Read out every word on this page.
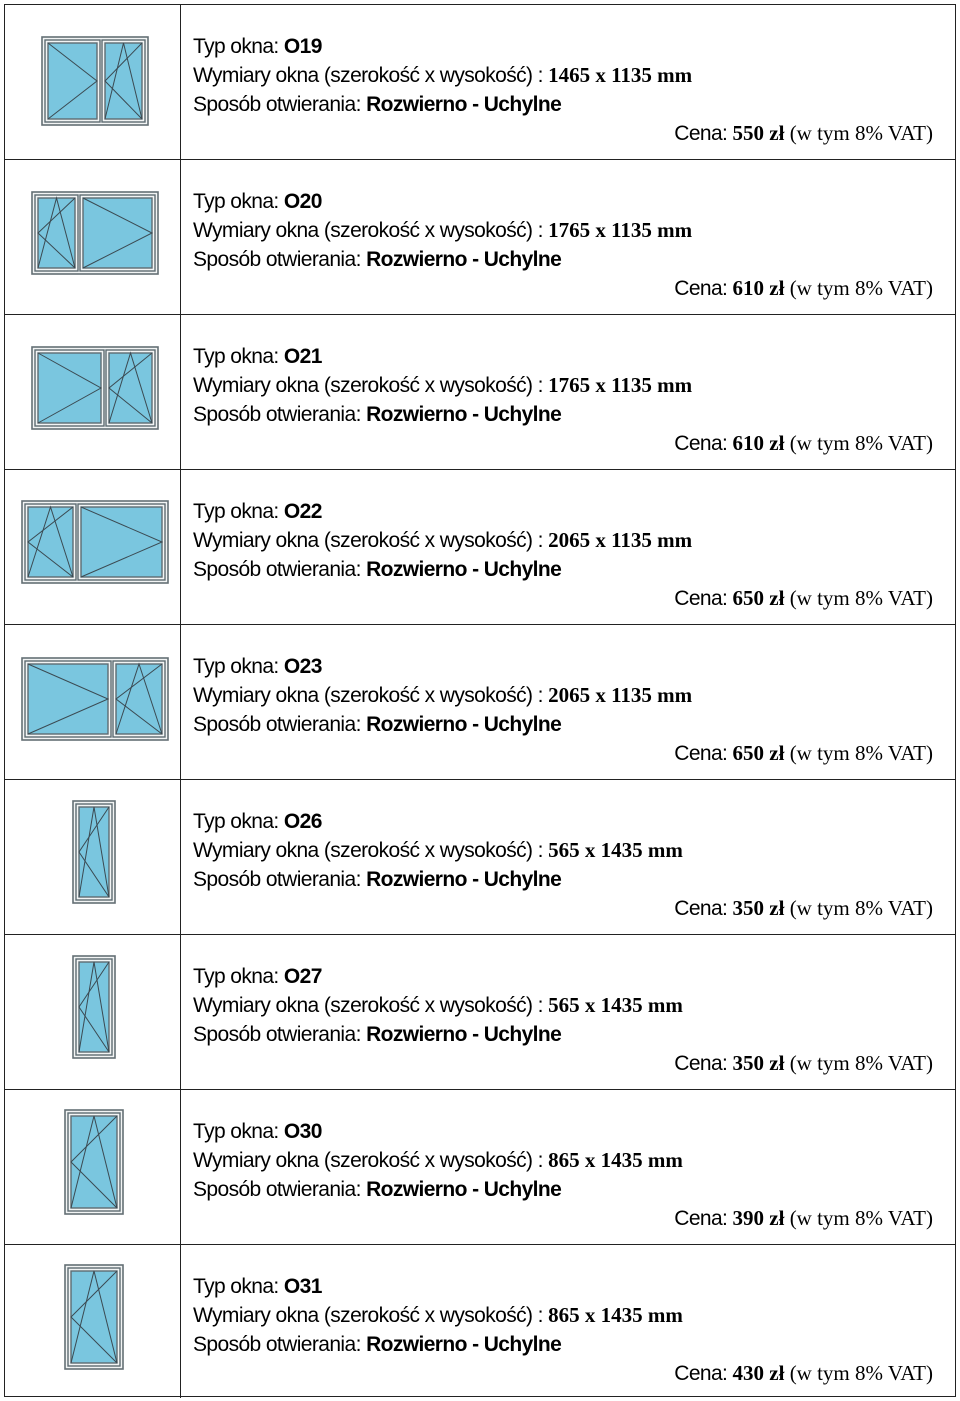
Typ okna: O19
Wymiary okna (szerokość x wysokość) : 1465 x 1135 mm
Sposób otwierania: Rozwierno - Uchylne
Cena: 550 zł (w tym 8% VAT)
Typ okna: O20
Wymiary okna (szerokość x wysokość) : 1765 x 1135 mm
Sposób otwierania: Rozwierno - Uchylne
Cena: 610 zł (w tym 8% VAT)
Typ okna: O21
Wymiary okna (szerokość x wysokość) : 1765 x 1135 mm
Sposób otwierania: Rozwierno - Uchylne
Cena: 610 zł (w tym 8% VAT)
Typ okna: O22
Wymiary okna (szerokość x wysokość) : 2065 x 1135 mm
Sposób otwierania: Rozwierno - Uchylne
Cena: 650 zł (w tym 8% VAT)
Typ okna: O23
Wymiary okna (szerokość x wysokość) : 2065 x 1135 mm
Sposób otwierania: Rozwierno - Uchylne
Cena: 650 zł (w tym 8% VAT)
Typ okna: O26
Wymiary okna (szerokość x wysokość) : 565 x 1435 mm
Sposób otwierania: Rozwierno - Uchylne
Cena: 350 zł (w tym 8% VAT)
Typ okna: O27
Wymiary okna (szerokość x wysokość) : 565 x 1435 mm
Sposób otwierania: Rozwierno - Uchylne
Cena: 350 zł (w tym 8% VAT)
Typ okna: O30
Wymiary okna (szerokość x wysokość) : 865 x 1435 mm
Sposób otwierania: Rozwierno - Uchylne
Cena: 390 zł (w tym 8% VAT)
Typ okna: O31
Wymiary okna (szerokość x wysokość) : 865 x 1435 mm
Sposób otwierania: Rozwierno - Uchylne
Cena: 430 zł (w tym 8% VAT)
